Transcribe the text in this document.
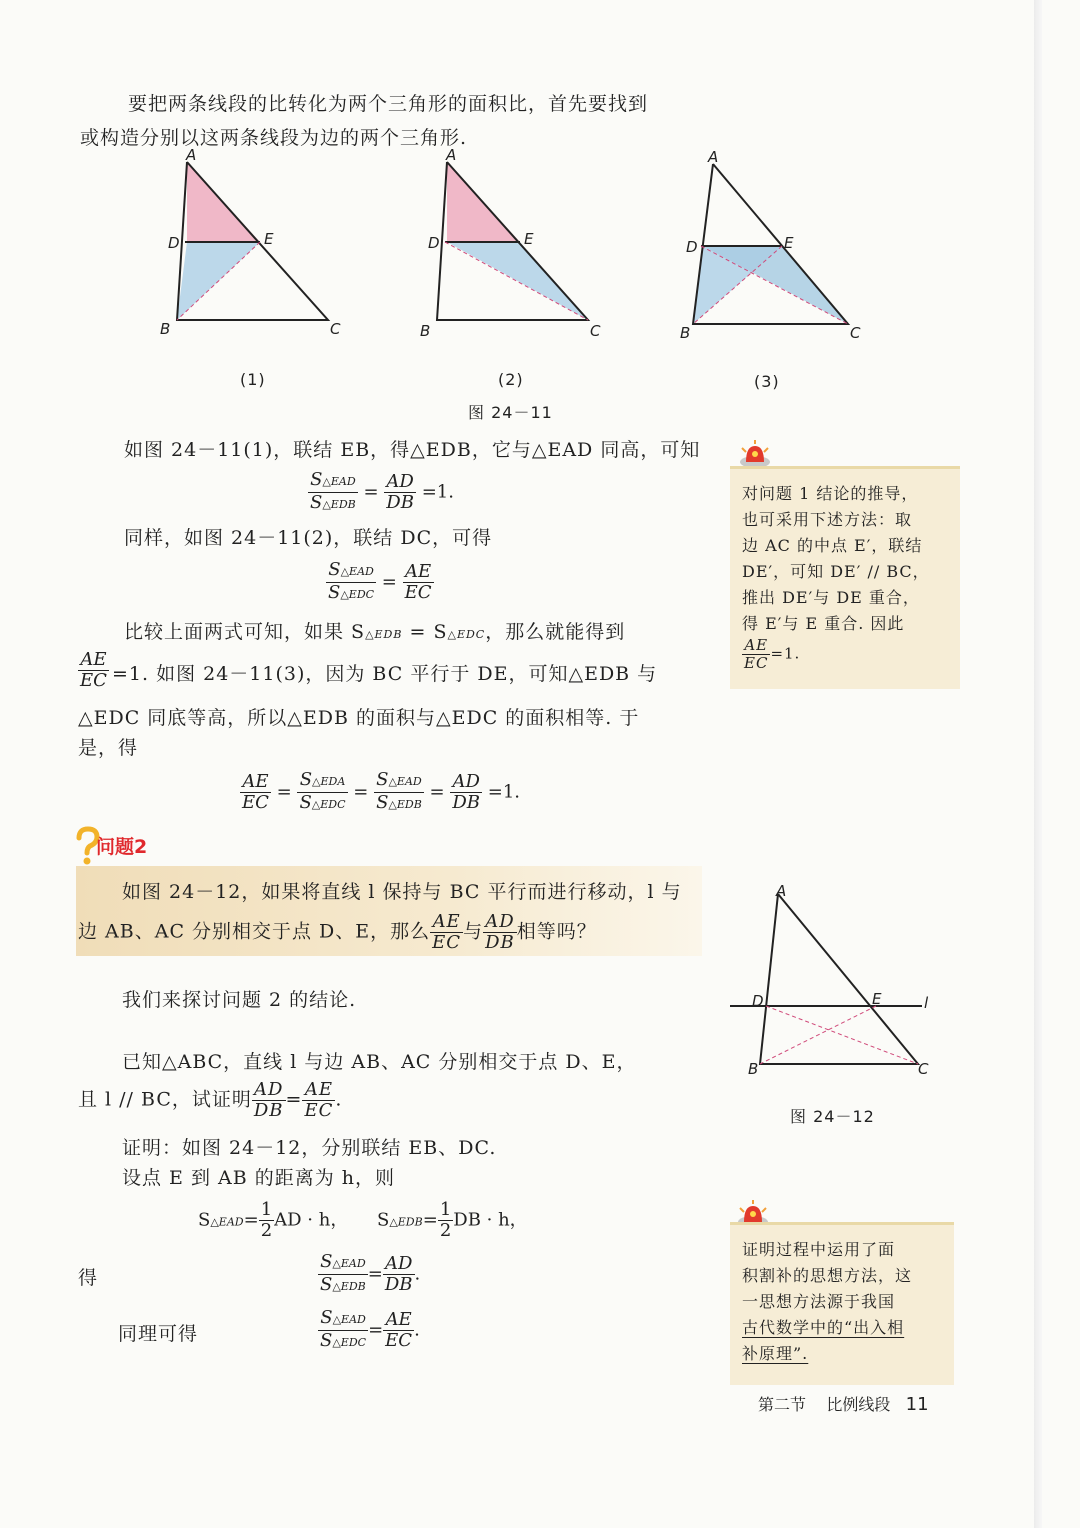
要把两条线段的比转化为两个三角形的面积比，首先要找到
或构造分别以这两条线段为边的两个三角形.
A
D	E
B	C
A
D	E
B	C
A
D	E
B	C
(1)	(2)	(3)
图 24－11
如图 24－11(1)，联结 EB，得△EDB，它与△EAD 同高，可知
$\frac{\text{S△EAD}}{\text{S△EDB}} = \frac{AD}{DB} =1$.
同样，如图 24－11(2)，联结 DC，可得
$\frac{\text{S△EAD}}{\text{S△EDC}} = \frac{AE}{EC}$
比较上面两式可知，如果 S△EDB = S△EDC，那么就能得到
$\frac{AE}{EC} =1$. 如图 24－11(3)，因为 BC 平行于 DE，可知△EDB 与
△EDC 同底等高，所以△EDB 的面积与△EDC 的面积相等. 于
是，得
$\frac{AE}{EC} = \frac{\text{S△EDA}}{\text{S△EDC}} = \frac{\text{S△EAD}}{\text{S△EDB}} = \frac{AD}{DB} =1$.
对问题 1 结论的推导，
也可采用下述方法：取
边 AC 的中点 E′，联结
DE′，可知 DE′ // BC，
推出 DE′与 DE 重合，
得 E′与 E 重合. 因此
$\frac{AE}{EC} =1$.
问题2
如图 24－12，如果将直线 l 保持与 BC 平行而进行移动，l 与
边 AB、AC 分别相交于点 D、E，那么 $\frac{AE}{EC}$ 与 $\frac{AD}{DB}$ 相等吗？
我们来探讨问题 2 的结论.
已知△ABC，直线 l 与边 AB、AC 分别相交于点 D、E，
且 l // BC，试证明 $\frac{AD}{DB} = \frac{AE}{EC}$ .
证明：如图 24－12，分别联结 EB、DC.
设点 E 到 AB 的距离为 h，则
S△EAD= $\frac{1}{2}$ AD · h， S△EDB= $\frac{1}{2}$ DB · h，
得	$\frac{\text{S△EAD}}{\text{S△EDB}} = \frac{AD}{DB}$ .
同理可得	$\frac{\text{S△EAD}}{\text{S△EDC}} = \frac{AE}{EC}$ .
A
D	E	l
B	C
图 24－12
证明过程中运用了面
积割补的思想方法，这
一思想方法源于我国
古代数学中的“出入相
补原理”.
第二节 比例线段 11
